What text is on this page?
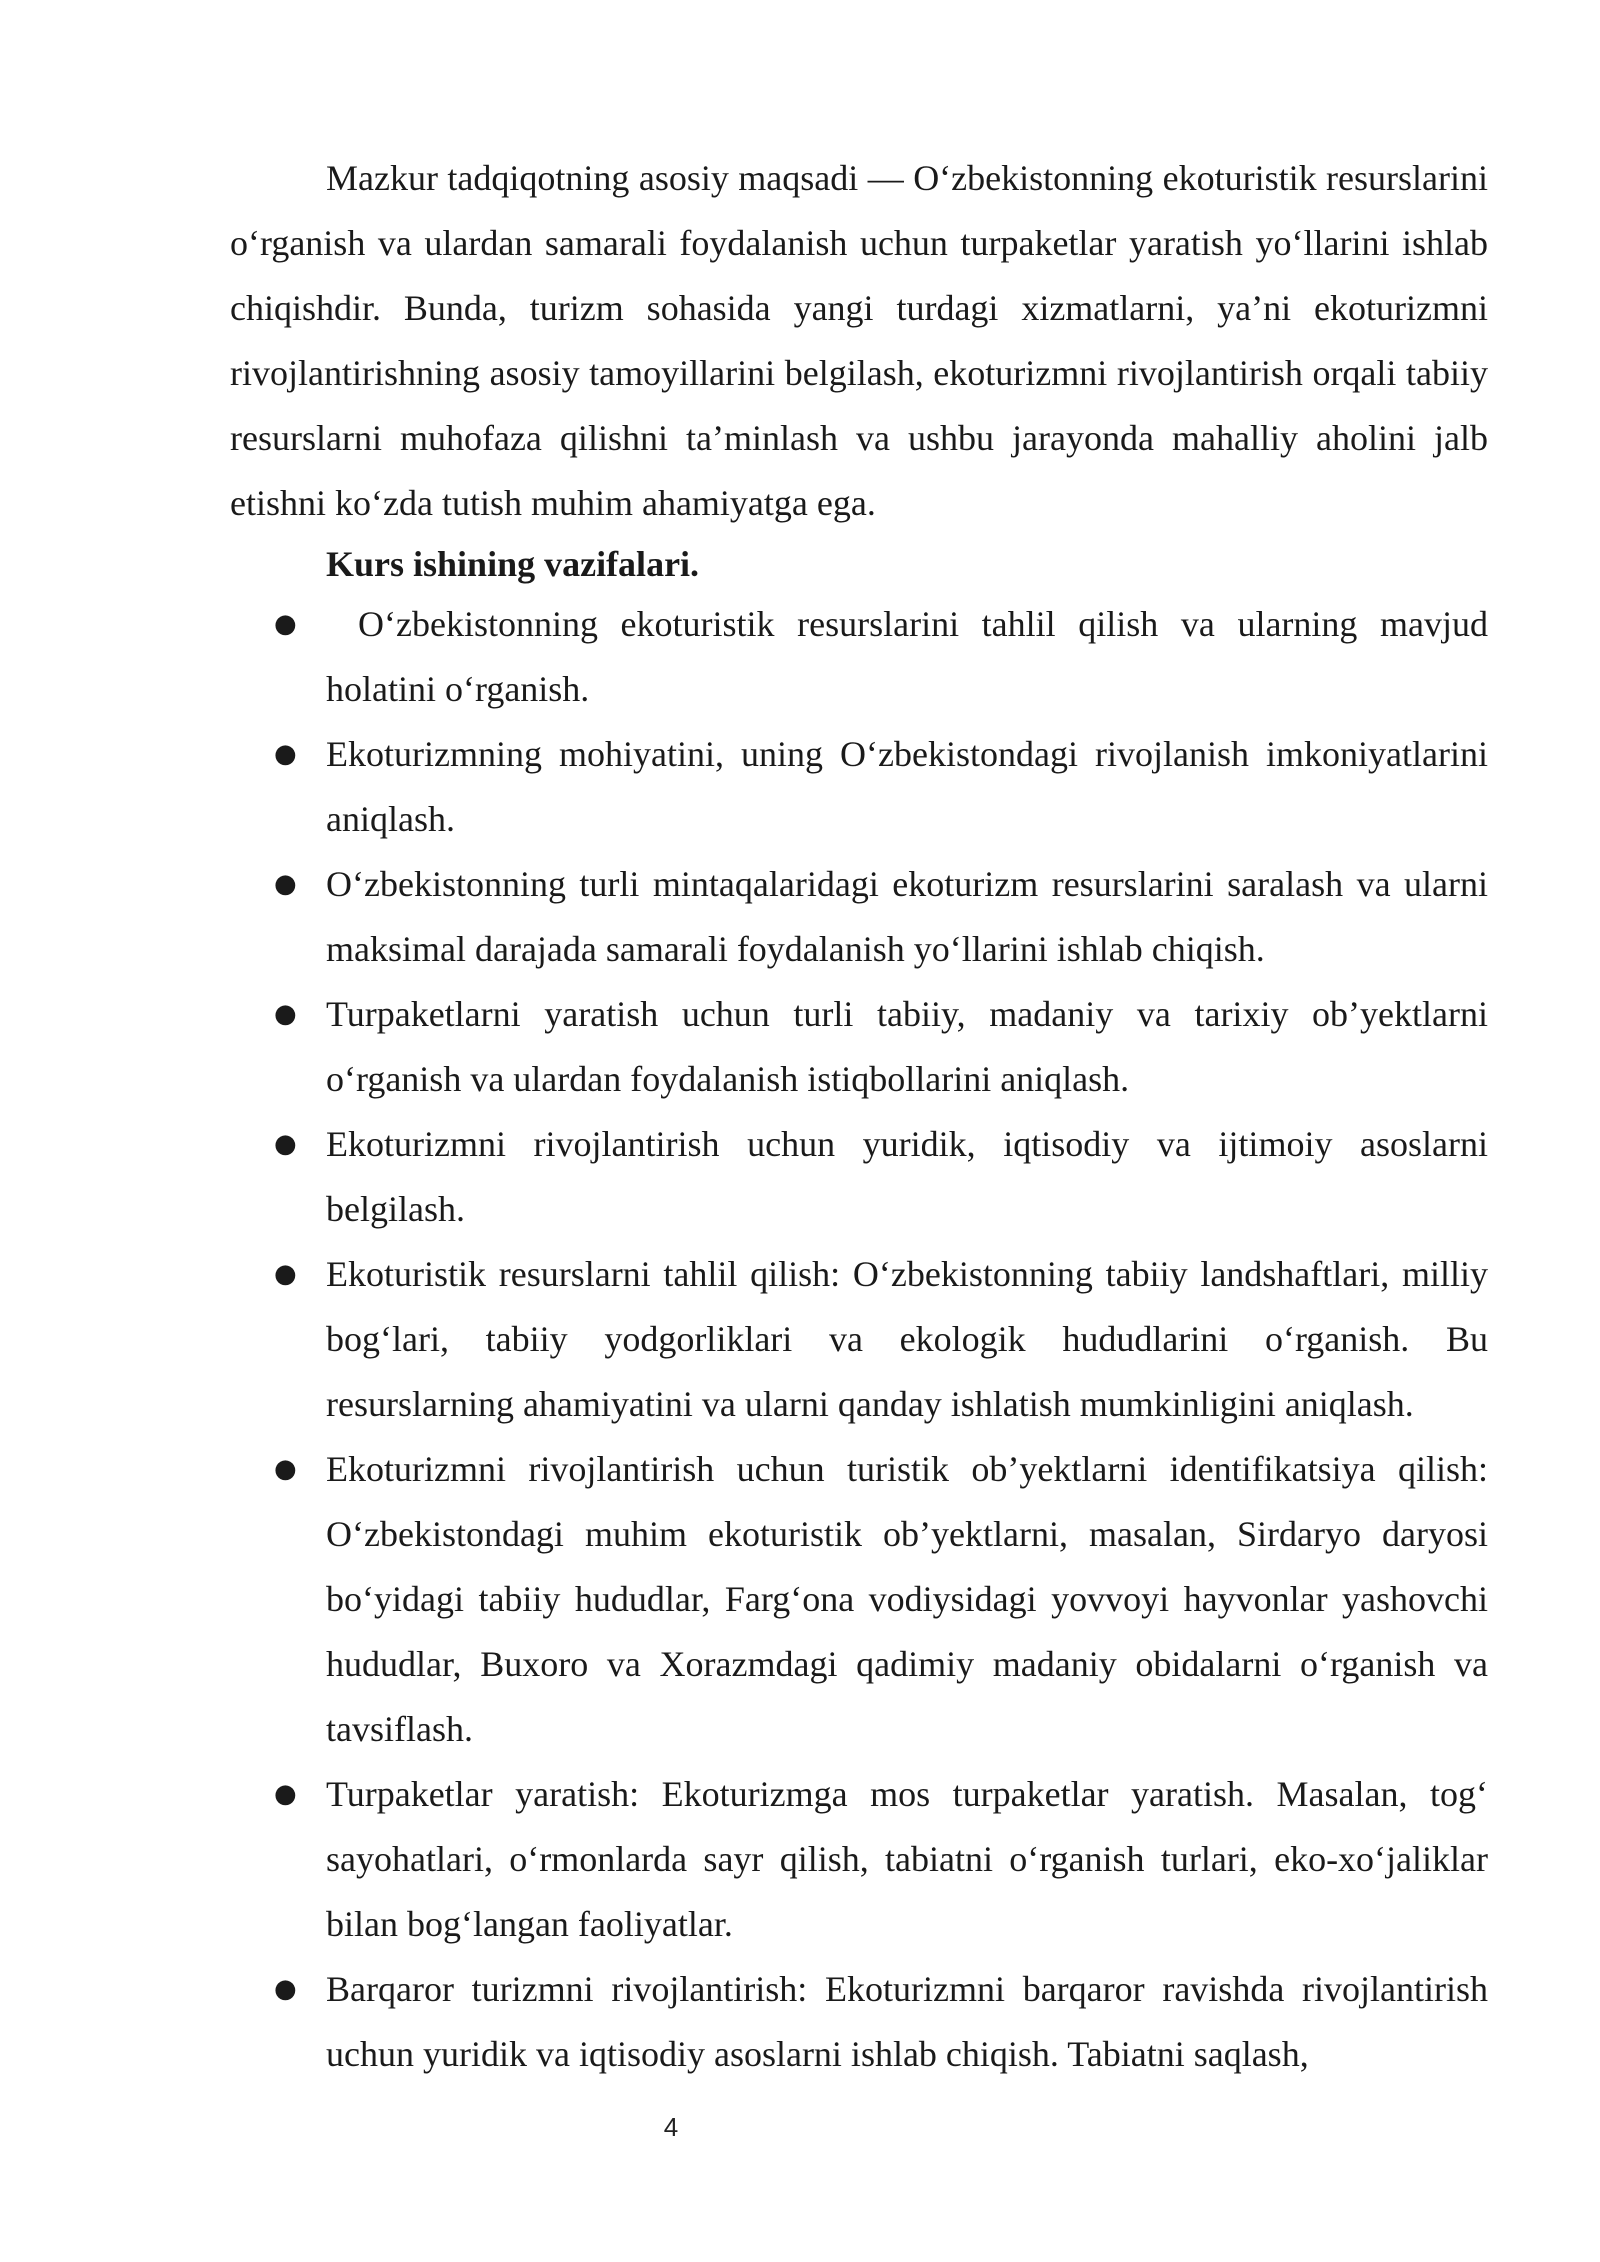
Mazkur tadqiqotning asosiy maqsadi — O‘zbekistonning ekoturistik resurslarini o‘rganish va ulardan samarali foydalanish uchun turpaketlar yaratish yo‘llarini ishlab chiqishdir. Bunda, turizm sohasida yangi turdagi xizmatlarni, ya’ni ekoturizmni rivojlantirishning asosiy tamoyillarini belgilash, ekoturizmni rivojlantirish orqali tabiiy resurslarni muhofaza qilishni ta’minlash va ushbu jarayonda mahalliy aholini jalb etishni ko‘zda tutish muhim ahamiyatga ega.

Kurs ishining vazifalari.

● O‘zbekistonning ekoturistik resurslarini tahlil qilish va ularning mavjud holatini o‘rganish.
● Ekoturizmning mohiyatini, uning O‘zbekistondagi rivojlanish imkoniyatlarini aniqlash.
● O‘zbekistonning turli mintaqalaridagi ekoturizm resurslarini saralash va ularni maksimal darajada samarali foydalanish yo‘llarini ishlab chiqish.
● Turpaketlarni yaratish uchun turli tabiiy, madaniy va tarixiy ob’yektlarni o‘rganish va ulardan foydalanish istiqbollarini aniqlash.
● Ekoturizmni rivojlantirish uchun yuridik, iqtisodiy va ijtimoiy asoslarni belgilash.
● Ekoturistik resurslarni tahlil qilish: O‘zbekistonning tabiiy landshaftlari, milliy bog‘lari, tabiiy yodgorliklari va ekologik hududlarini o‘rganish. Bu resurslarning ahamiyatini va ularni qanday ishlatish mumkinligini aniqlash.
● Ekoturizmni rivojlantirish uchun turistik ob’yektlarni identifikatsiya qilish: O‘zbekistondagi muhim ekoturistik ob’yektlarni, masalan, Sirdaryo daryosi bo‘yidagi tabiiy hududlar, Farg‘ona vodiysidagi yovvoyi hayvonlar yashovchi hududlar, Buxoro va Xorazmdagi qadimiy madaniy obidalarni o‘rganish va tavsiflash.
● Turpaketlar yaratish: Ekoturizmga mos turpaketlar yaratish. Masalan, tog‘ sayohatlari, o‘rmonlarda sayr qilish, tabiatni o‘rganish turlari, eko-xo‘jaliklar bilan bog‘langan faoliyatlar.
● Barqaror turizmni rivojlantirish: Ekoturizmni barqaror ravishda rivojlantirish uchun yuridik va iqtisodiy asoslarni ishlab chiqish. Tabiatni saqlash,
4
